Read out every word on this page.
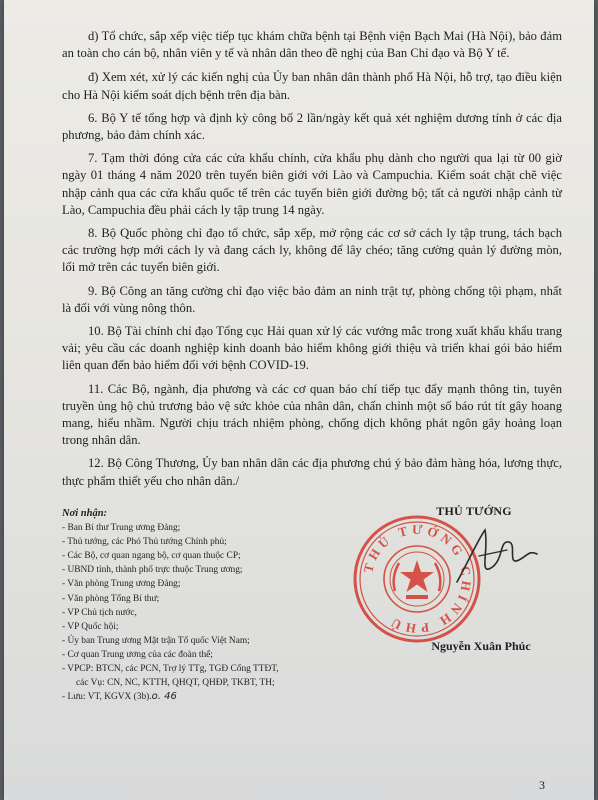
d) Tổ chức, sắp xếp việc tiếp tục khám chữa bệnh tại Bệnh viện Bạch Mai (Hà Nội), bảo đảm an toàn cho cán bộ, nhân viên y tế và nhân dân theo đề nghị của Ban Chỉ đạo và Bộ Y tế.

đ) Xem xét, xử lý các kiến nghị của Ủy ban nhân dân thành phố Hà Nội, hỗ trợ, tạo điều kiện cho Hà Nội kiểm soát dịch bệnh trên địa bàn.

6. Bộ Y tế tổng hợp và định kỳ công bố 2 lần/ngày kết quả xét nghiệm dương tính ở các địa phương, bảo đảm chính xác.

7. Tạm thời đóng cửa các cửa khẩu chính, cửa khẩu phụ dành cho người qua lại từ 00 giờ ngày 01 tháng 4 năm 2020 trên tuyến biên giới với Lào và Campuchia. Kiểm soát chặt chẽ việc nhập cảnh qua các cửa khẩu quốc tế trên các tuyến biên giới đường bộ; tất cả người nhập cảnh từ Lào, Campuchia đều phải cách ly tập trung 14 ngày.

8. Bộ Quốc phòng chỉ đạo tổ chức, sắp xếp, mở rộng các cơ sở cách ly tập trung, tách bạch các trường hợp mới cách ly và đang cách ly, không để lây chéo; tăng cường quản lý đường mòn, lối mở trên các tuyến biên giới.

9. Bộ Công an tăng cường chỉ đạo việc bảo đảm an ninh trật tự, phòng chống tội phạm, nhất là đối với vùng nông thôn.

10. Bộ Tài chính chỉ đạo Tổng cục Hải quan xử lý các vướng mắc trong xuất khẩu khẩu trang vải; yêu cầu các doanh nghiệp kinh doanh bảo hiểm không giới thiệu và triển khai gói bảo hiểm liên quan đến bảo hiểm đối với bệnh COVID-19.

11. Các Bộ, ngành, địa phương và các cơ quan báo chí tiếp tục đẩy mạnh thông tin, tuyên truyền ủng hộ chủ trương bảo vệ sức khỏe của nhân dân, chấn chỉnh một số báo rút tít gây hoang mang, hiểu nhầm. Người chịu trách nhiệm phòng, chống dịch không phát ngôn gây hoảng loạn trong nhân dân.

12. Bộ Công Thương, Ủy ban nhân dân các địa phương chú ý bảo đảm hàng hóa, lương thực, thực phẩm thiết yếu cho nhân dân./

Nơi nhận:
- Ban Bí thư Trung ương Đảng;
- Thủ tướng, các Phó Thủ tướng Chính phủ;
- Các Bộ, cơ quan ngang bộ, cơ quan thuộc CP;
- UBND tỉnh, thành phố trực thuộc Trung ương;
- Văn phòng Trung ương Đảng;
- Văn phòng Tổng Bí thư;
- VP Chủ tịch nước,
- VP Quốc hội;
- Ủy ban Trung ương Mặt trận Tổ quốc Việt Nam;
- Cơ quan Trung ương của các đoàn thể;
- VPCP: BTCN, các PCN, Trợ lý TTg, TGĐ Cổng TTĐT,
các Vụ: CN, NC, KTTH, QHQT, QHĐP, TKBT, TH;
- Lưu: VT, KGVX (3b).o. 46
THỦ TƯỚNG
THỦ TƯỚNG CHÍNH PHỦ
Nguyễn Xuân Phúc
3
